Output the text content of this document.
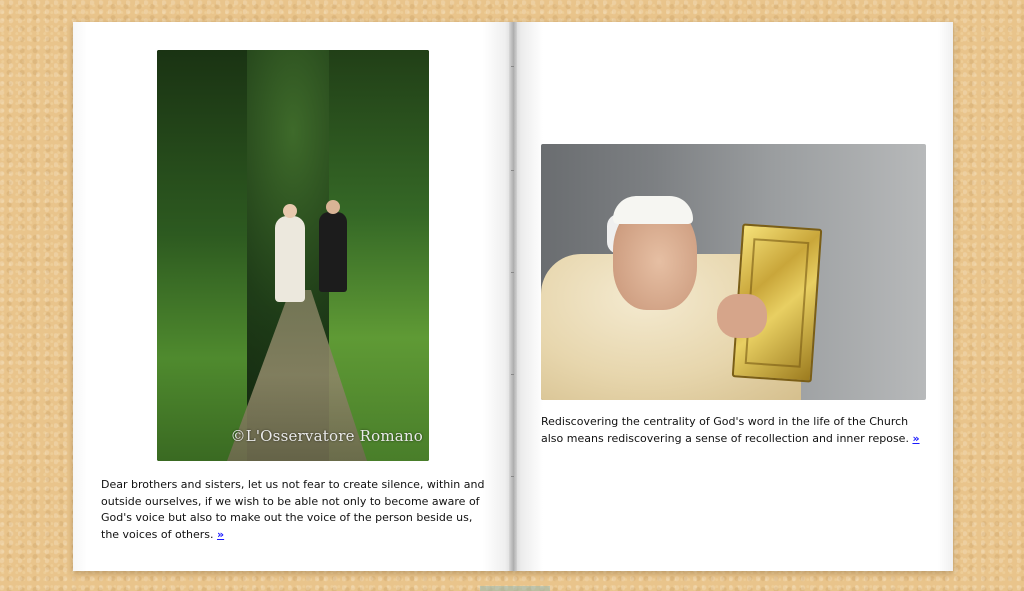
©L'Osservatore Romano
Dear brothers and sisters, let us not fear to create silence, within and outside ourselves, if we wish to be able not only to become aware of God's voice but also to make out the voice of the person beside us, the voices of others. »
Rediscovering the centrality of God's word in the life of the Church also means rediscovering a sense of recollection and inner repose. »
